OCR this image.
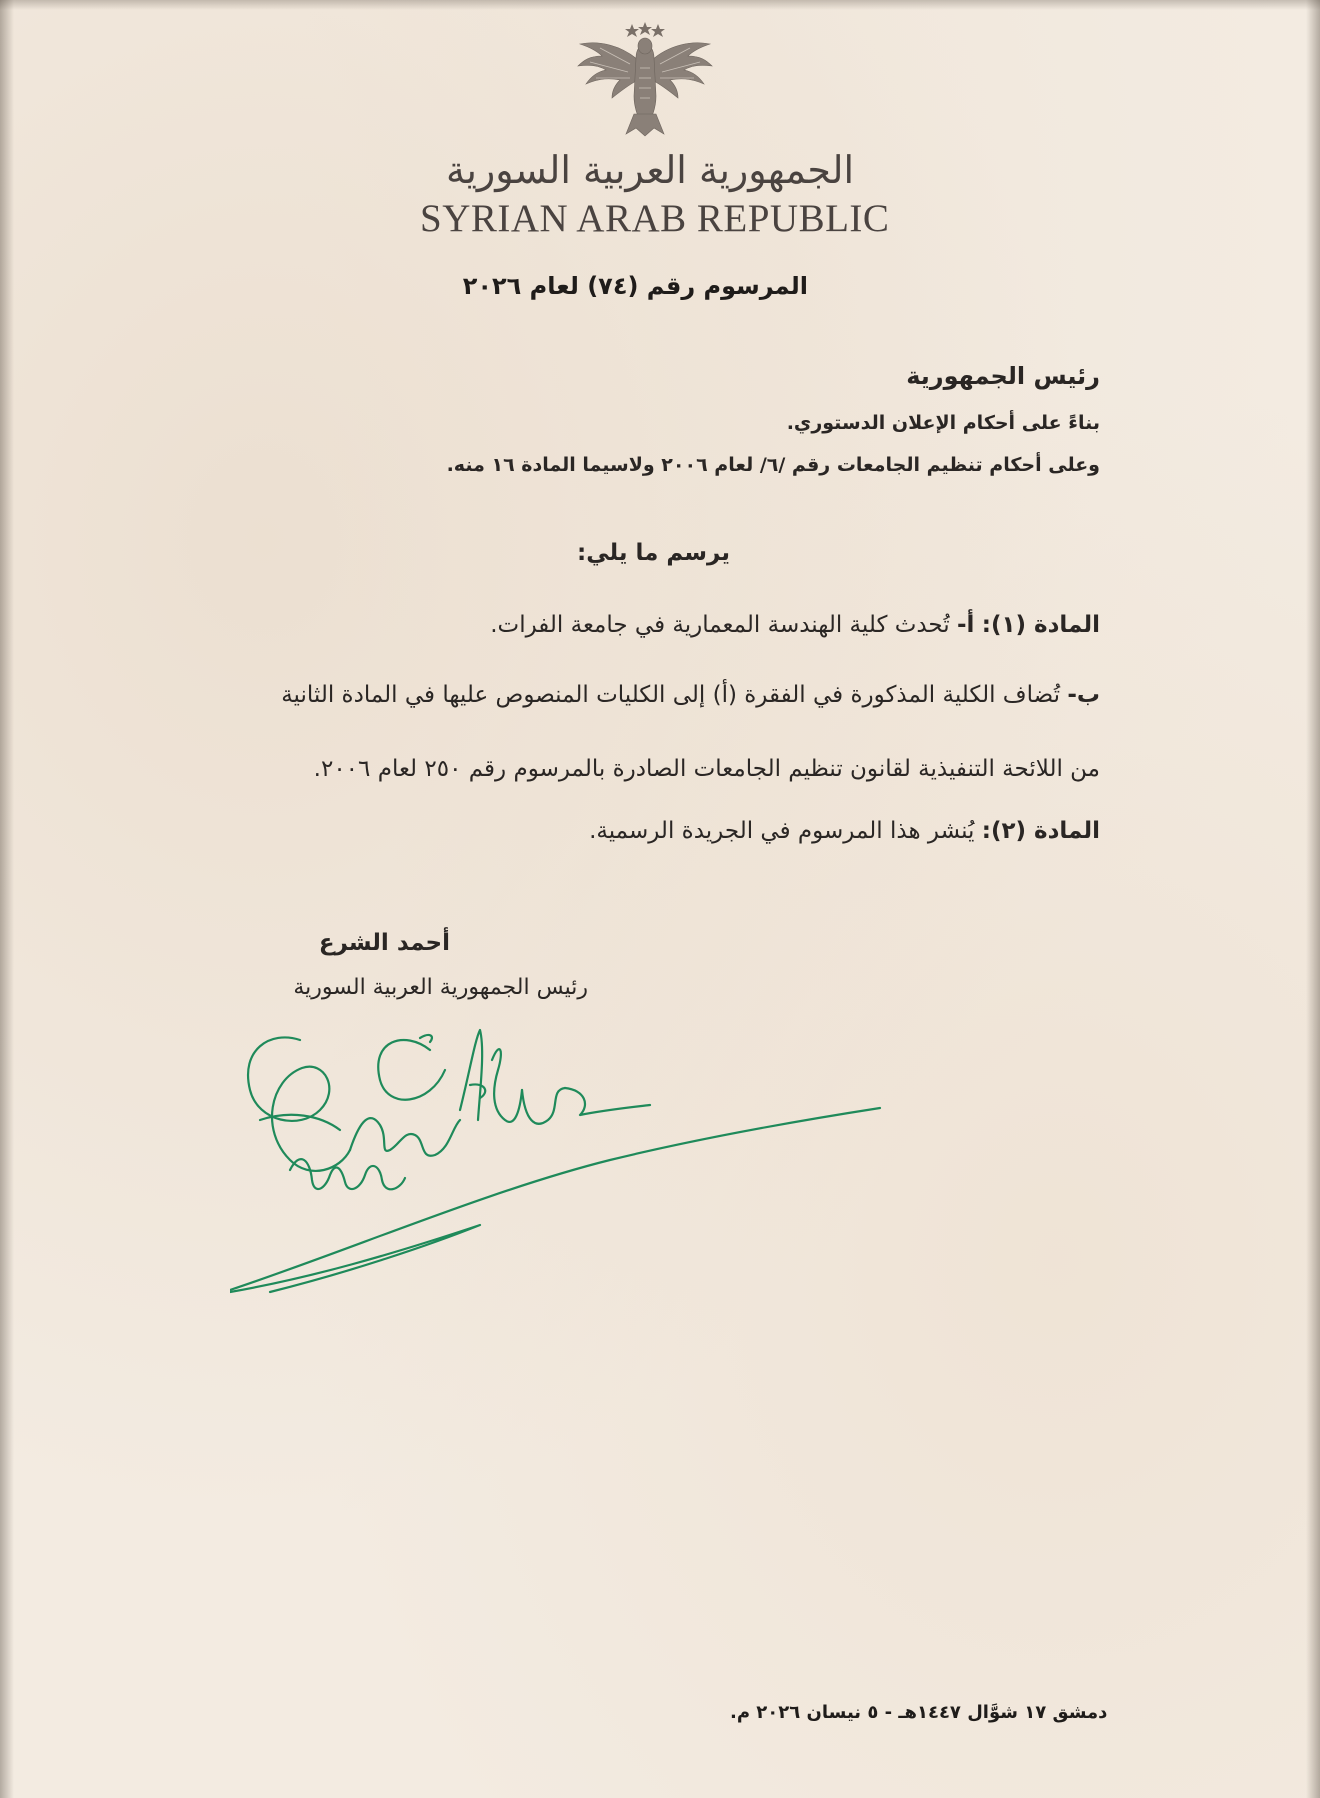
الجمهورية العربية السورية
SYRIAN ARAB REPUBLIC
المرسوم رقم (٧٤) لعام ٢٠٢٦
رئيس الجمهورية
بناءً على أحكام الإعلان الدستوري.
وعلى أحكام تنظيم الجامعات رقم /٦/ لعام ٢٠٠٦ ولاسيما المادة ١٦ منه.
يرسم ما يلي:
المادة (١): أ- تُحدث كلية الهندسة المعمارية في جامعة الفرات.
ب- تُضاف الكلية المذكورة في الفقرة (أ) إلى الكليات المنصوص عليها في المادة الثانية
من اللائحة التنفيذية لقانون تنظيم الجامعات الصادرة بالمرسوم رقم ٢٥٠ لعام ٢٠٠٦.
المادة (٢): يُنشر هذا المرسوم في الجريدة الرسمية.
أحمد الشرع
رئيس الجمهورية العربية السورية
دمشق ١٧ شوَّال ١٤٤٧هـ - ٥ نيسان ٢٠٢٦ م.
